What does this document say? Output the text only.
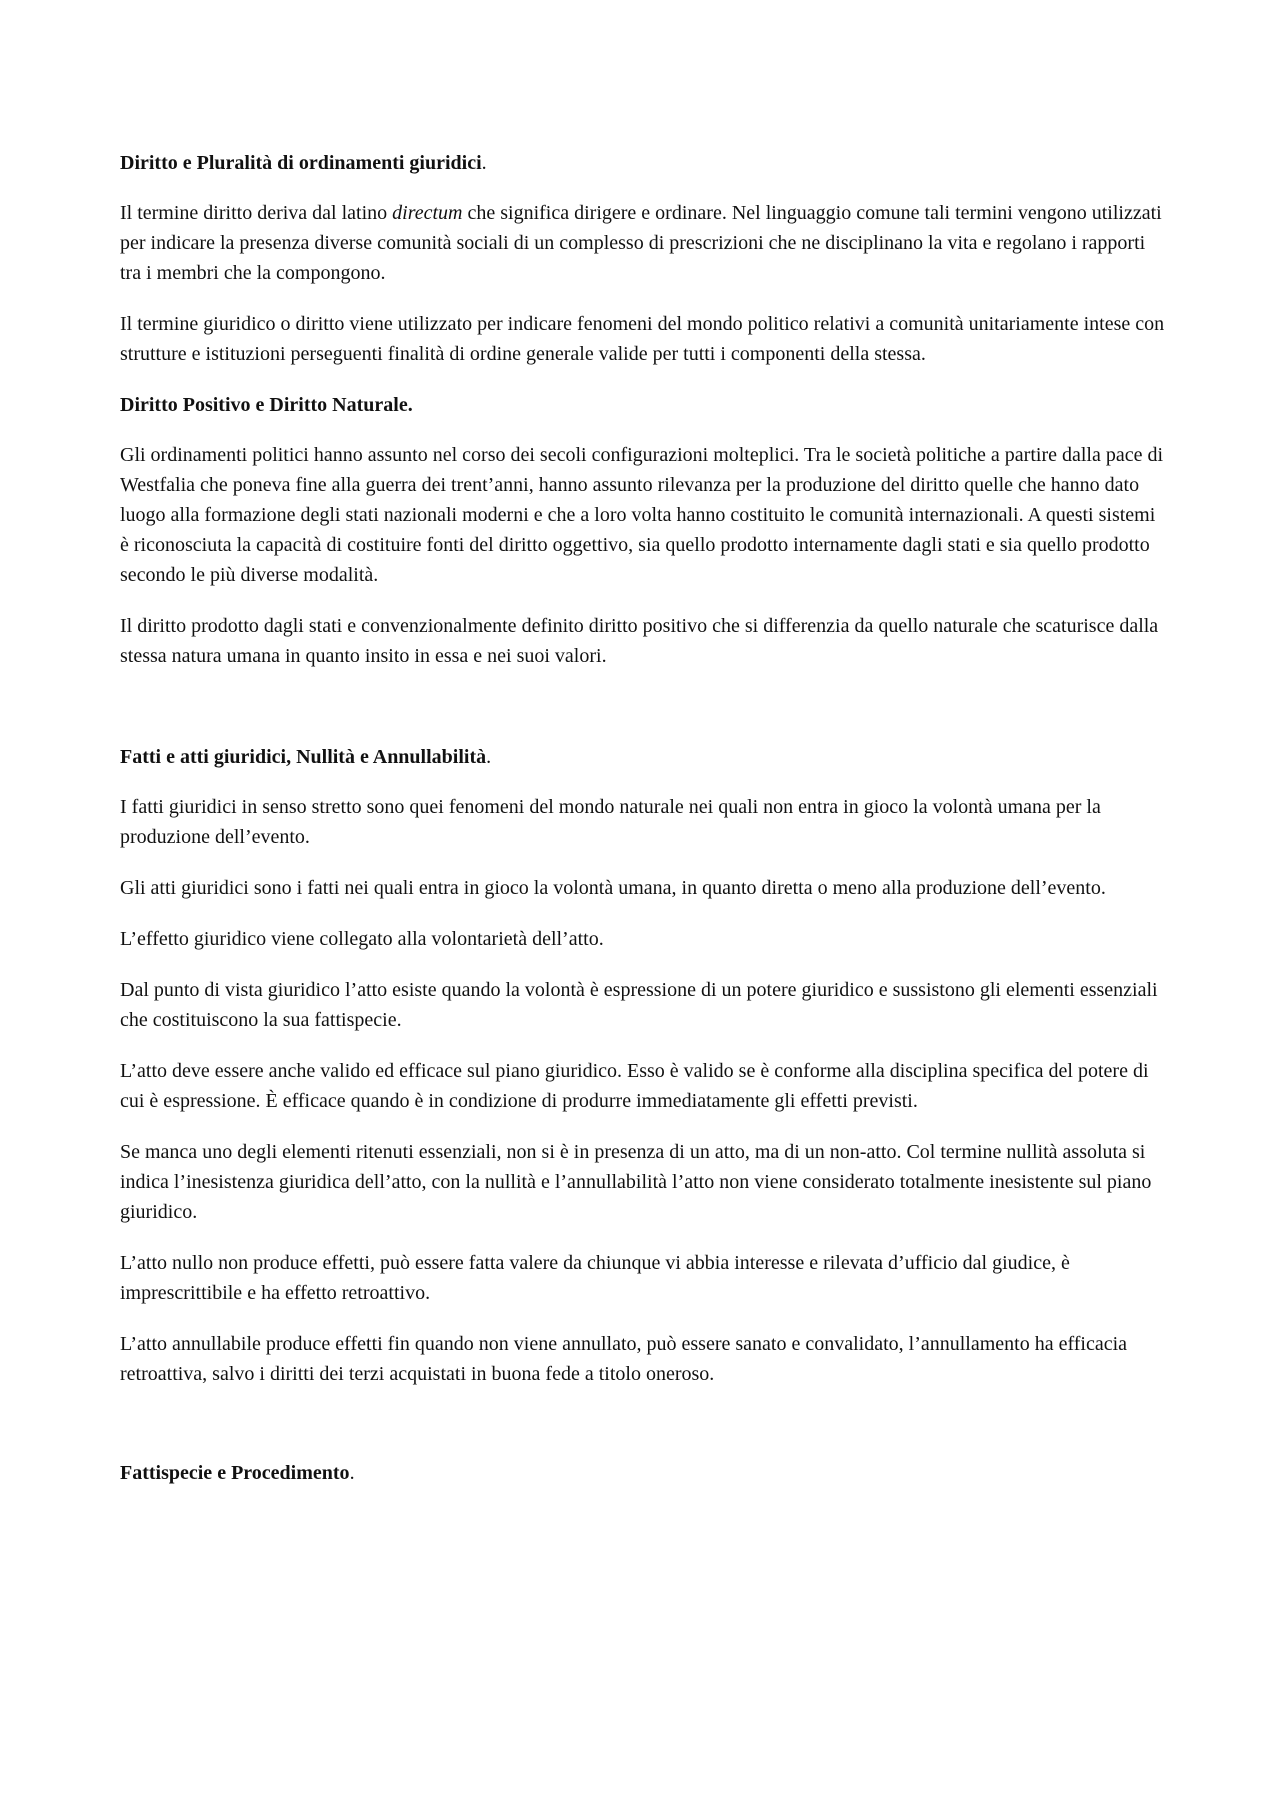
Diritto e Pluralità di ordinamenti giuridici.

Il termine diritto deriva dal latino directum che significa dirigere e ordinare. Nel linguaggio comune tali termini vengono utilizzati per indicare la presenza diverse comunità sociali di un complesso di prescrizioni che ne disciplinano la vita e regolano i rapporti tra i membri che la compongono.

Il termine giuridico o diritto viene utilizzato per indicare fenomeni del mondo politico relativi a comunità unitariamente intese con strutture e istituzioni perseguenti finalità di ordine generale valide per tutti i componenti della stessa.

Diritto Positivo e Diritto Naturale.

Gli ordinamenti politici hanno assunto nel corso dei secoli configurazioni molteplici. Tra le società politiche a partire dalla pace di Westfalia che poneva fine alla guerra dei trent’anni, hanno assunto rilevanza per la produzione del diritto quelle che hanno dato luogo alla formazione degli stati nazionali moderni e che a loro volta hanno costituito le comunità internazionali. A questi sistemi è riconosciuta la capacità di costituire fonti del diritto oggettivo, sia quello prodotto internamente dagli stati e sia quello prodotto secondo le più diverse modalità.

Il diritto prodotto dagli stati e convenzionalmente definito diritto positivo che si differenzia da quello naturale che scaturisce dalla stessa natura umana in quanto insito in essa e nei suoi valori.

Fatti e atti giuridici, Nullità e Annullabilità.

I fatti giuridici in senso stretto sono quei fenomeni del mondo naturale nei quali non entra in gioco la volontà umana per la produzione dell’evento.

Gli atti giuridici sono i fatti nei quali entra in gioco la volontà umana, in quanto diretta o meno alla produzione dell’evento.

L’effetto giuridico viene collegato alla volontarietà dell’atto.

Dal punto di vista giuridico l’atto esiste quando la volontà è espressione di un potere giuridico e sussistono gli elementi essenziali che costituiscono la sua fattispecie.

L’atto deve essere anche valido ed efficace sul piano giuridico. Esso è valido se è conforme alla disciplina specifica del potere di cui è espressione. È efficace quando è in condizione di produrre immediatamente gli effetti previsti.

Se manca uno degli elementi ritenuti essenziali, non si è in presenza di un atto, ma di un non-atto. Col termine nullità assoluta si indica l’inesistenza giuridica dell’atto, con la nullità e l’annullabilità l’atto non viene considerato totalmente inesistente sul piano giuridico.

L’atto nullo non produce effetti, può essere fatta valere da chiunque vi abbia interesse e rilevata d’ufficio dal giudice, è imprescrittibile e ha effetto retroattivo.

L’atto annullabile produce effetti fin quando non viene annullato, può essere sanato e convalidato, l’annullamento ha efficacia retroattiva, salvo i diritti dei terzi acquistati in buona fede a titolo oneroso.

Fattispecie e Procedimento.
